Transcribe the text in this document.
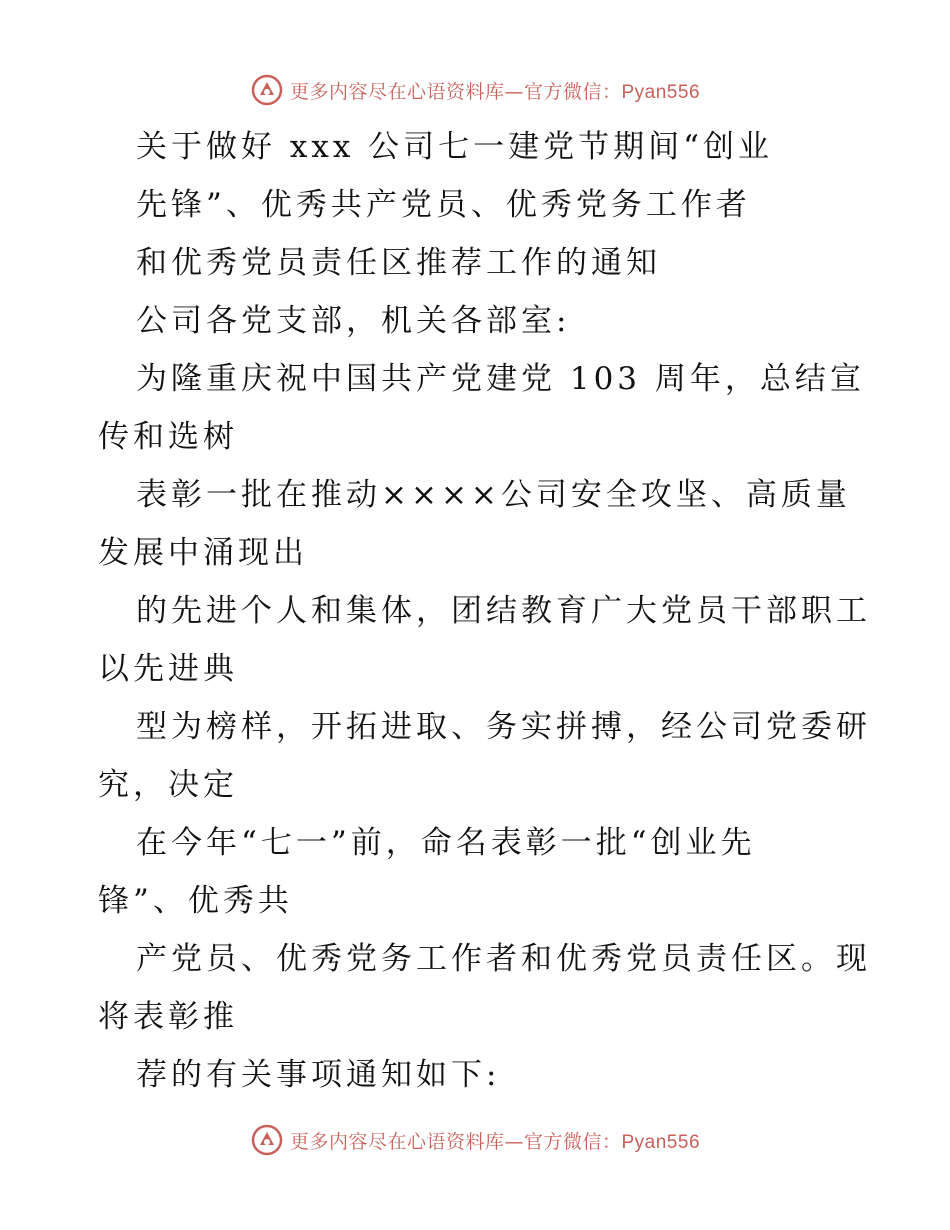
更多内容尽在心语资料库—官方微信：Pyan556
关于做好 xxx 公司七一建党节期间“创业
先锋”、优秀共产党员、优秀党务工作者
和优秀党员责任区推荐工作的通知
公司各党支部，机关各部室:
为隆重庆祝中国共产党建党 103 周年，总结宣
传和选树
表彰一批在推动××××公司安全攻坚、高质量
发展中涌现出
的先进个人和集体，团结教育广大党员干部职工
以先进典
型为榜样，开拓进取、务实拼搏，经公司党委研
究，决定
在今年“七一”前，命名表彰一批“创业先
锋”、优秀共
产党员、优秀党务工作者和优秀党员责任区。现
将表彰推
荐的有关事项通知如下:
更多内容尽在心语资料库—官方微信：Pyan556
